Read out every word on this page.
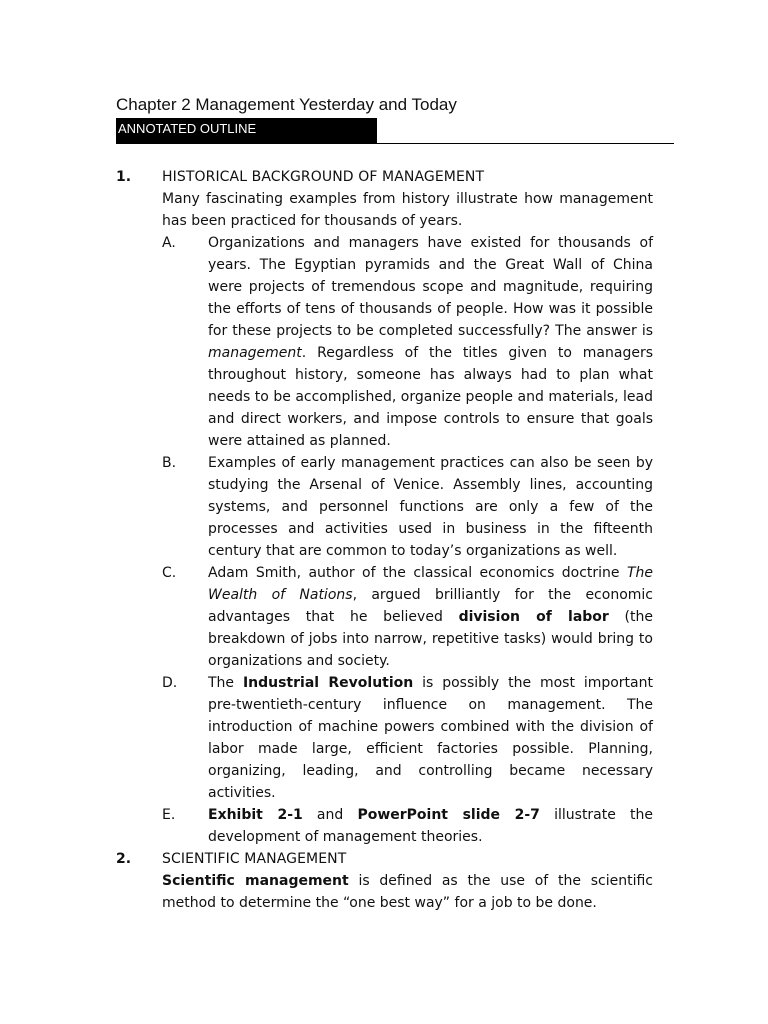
Chapter 2 Management Yesterday and Today
ANNOTATED OUTLINE
1.	HISTORICAL BACKGROUND OF MANAGEMENT
Many fascinating examples from history illustrate how management has been practiced for thousands of years.
A.	Organizations and managers have existed for thousands of years. The Egyptian pyramids and the Great Wall of China were projects of tremendous scope and magnitude, requiring the efforts of tens of thousands of people. How was it possible for these projects to be completed successfully? The answer is management. Regardless of the titles given to managers throughout history, someone has always had to plan what needs to be accomplished, organize people and materials, lead and direct workers, and impose controls to ensure that goals were attained as planned.
B.	Examples of early management practices can also be seen by studying the Arsenal of Venice. Assembly lines, accounting systems, and personnel functions are only a few of the processes and activities used in business in the fifteenth century that are common to today’s organizations as well.
C.	Adam Smith, author of the classical economics doctrine The Wealth of Nations, argued brilliantly for the economic advantages that he believed division of labor (the breakdown of jobs into narrow, repetitive tasks) would bring to organizations and society.
D.	The Industrial Revolution is possibly the most important pre-twentieth-century influence on management. The introduction of machine powers combined with the division of labor made large, efficient factories possible. Planning, organizing, leading, and controlling became necessary activities.
E.	Exhibit 2-1 and PowerPoint slide 2-7 illustrate the development of management theories.
2.	SCIENTIFIC MANAGEMENT
Scientific management is defined as the use of the scientific method to determine the “one best way” for a job to be done.
